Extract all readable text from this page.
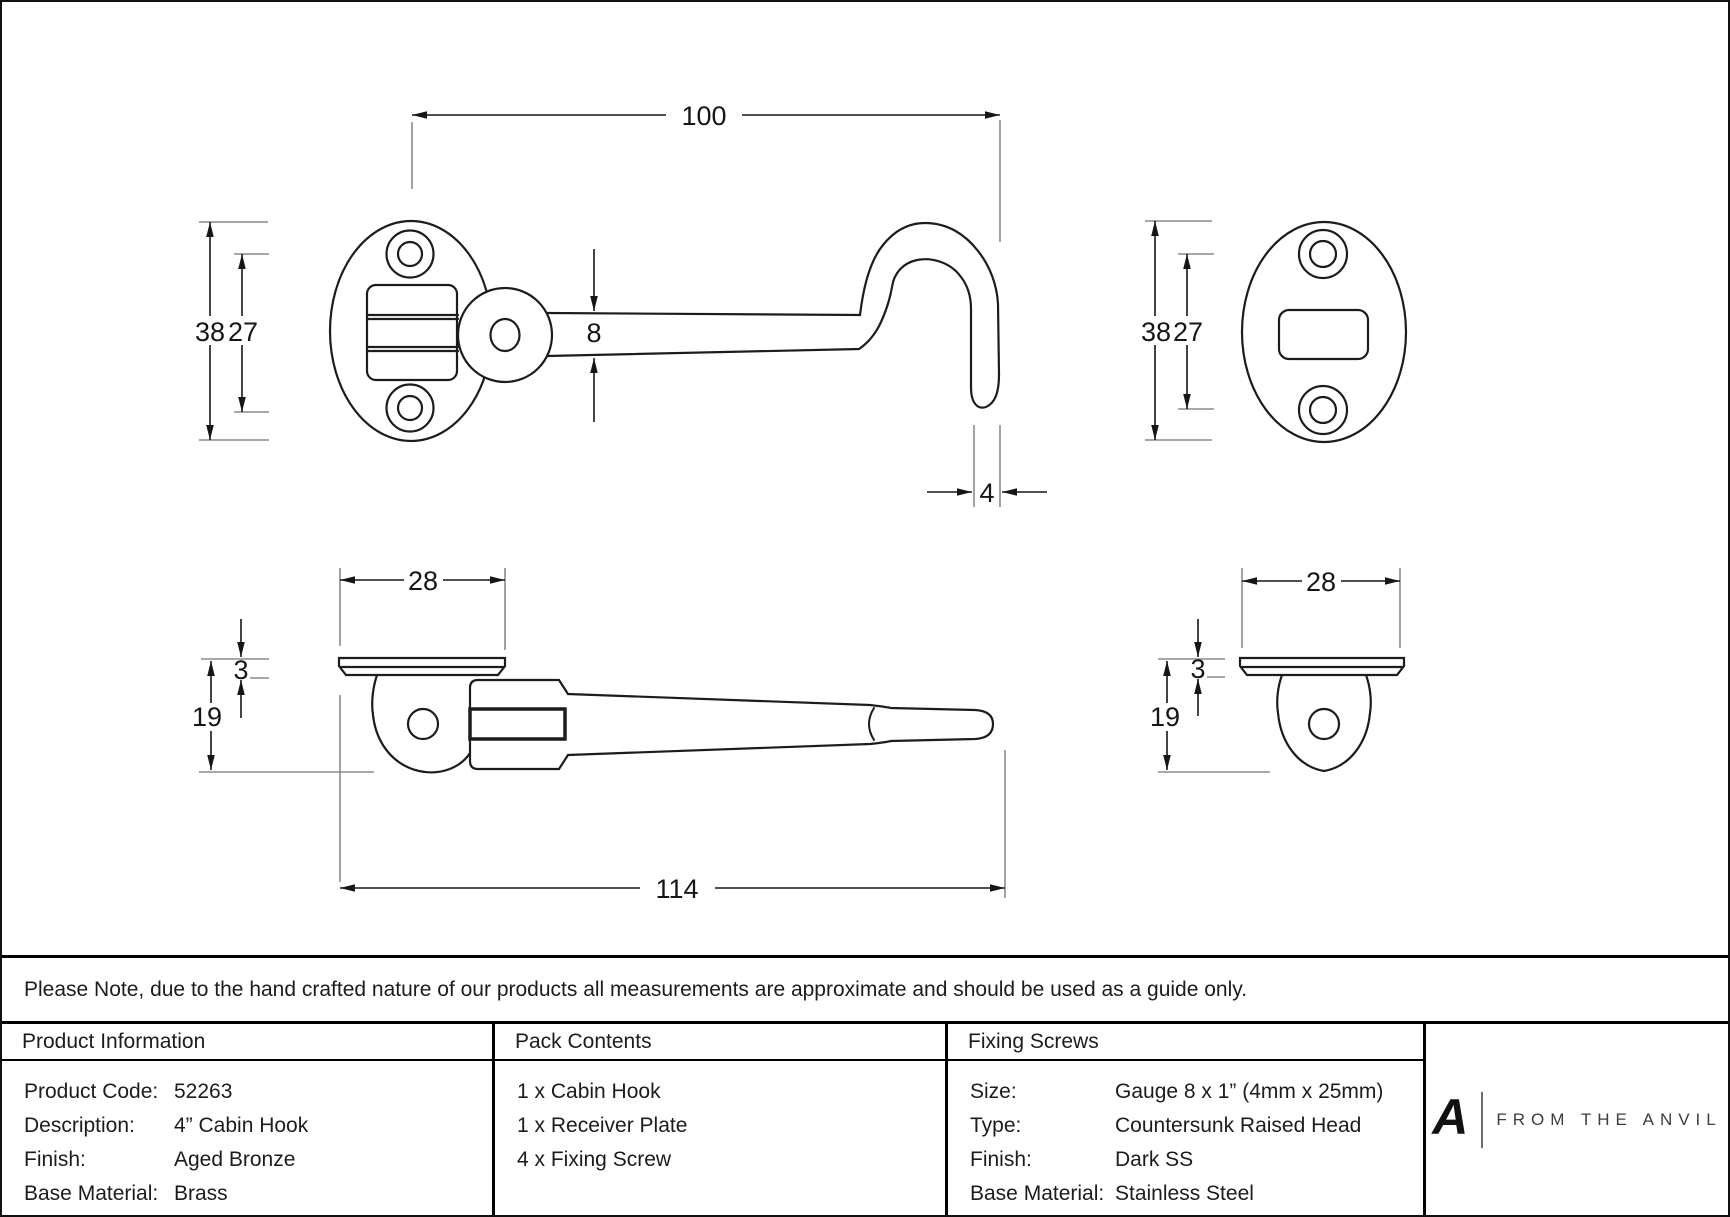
100
38 27	8
4
38 27
28
3
19
114
28
3
19
Please Note, due to the hand crafted nature of our products all measurements are approximate and should be used as a guide only.
Product Information
Product Code: 52263
Description:	4” Cabin Hook
Finish:	Aged Bronze
Base Material: Brass
Pack Contents
1 x Cabin Hook
1 x Receiver Plate
4 x Fixing Screw
Fixing Screws
Size:	Gauge 8 x 1” (4mm x 25mm)
Type:	Countersunk Raised Head
Finish:	Dark SS
Base Material: Stainless Steel
A FROM THE ANVIL
